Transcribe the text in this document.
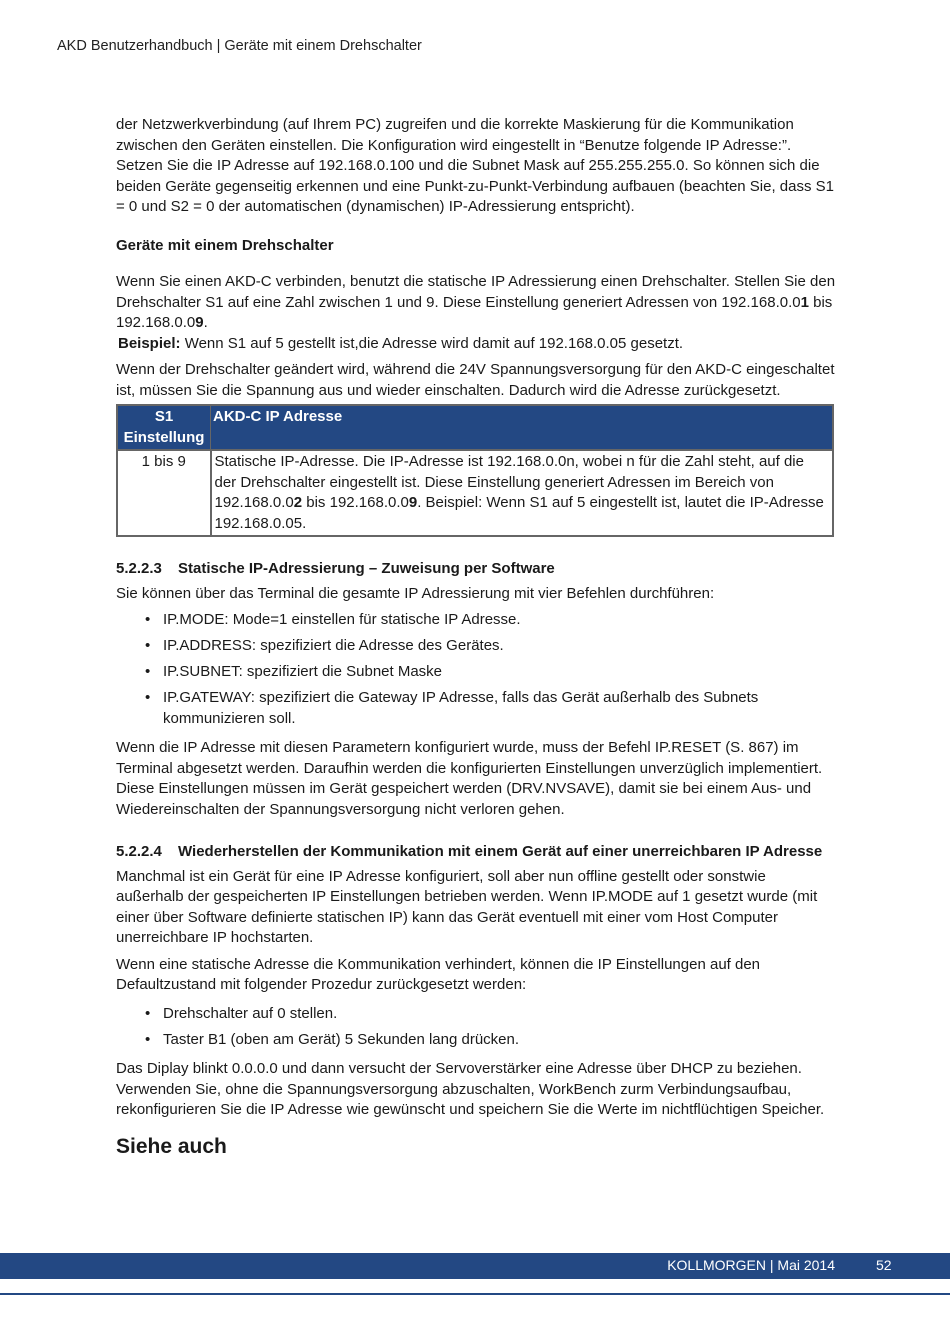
AKD Benutzerhandbuch | Geräte mit einem Drehschalter

der Netzwerkverbindung (auf Ihrem PC) zugreifen und die korrekte Maskierung für die Kommunikation zwischen den Geräten einstellen. Die Konfiguration wird eingestellt in “Benutze folgende IP Adresse:”. Setzen Sie die IP Adresse auf 192.168.0.100 und die Subnet Mask auf 255.255.255.0. So können sich die beiden Geräte gegenseitig erkennen und eine Punkt-zu-Punkt-Verbindung aufbauen (beachten Sie, dass S1 = 0 und S2 = 0 der automatischen (dynamischen) IP-Adressierung entspricht).

Geräte mit einem Drehschalter

Wenn Sie einen AKD-C verbinden, benutzt die statische IP Adressierung einen Drehschalter. Stellen Sie den Drehschalter S1 auf eine Zahl zwischen 1 und 9. Diese Einstellung generiert Adressen von 192.168.0.01 bis 192.168.0.09.

Beispiel: Wenn S1 auf 5 gestellt ist,die Adresse wird damit auf 192.168.0.05 gesetzt.

Wenn der Drehschalter geändert wird, während die 24V Spannungsversorgung für den AKD-C eingeschaltet ist, müssen Sie die Spannung aus und wieder einschalten. Dadurch wird die Adresse zurückgesetzt.

S1 Einstellung	AKD-C IP Adresse
1 bis 9	Statische IP-Adresse. Die IP-Adresse ist 192.168.0.0n, wobei n für die Zahl steht, auf die der Drehschalter eingestellt ist. Diese Einstellung generiert Adressen im Bereich von 192.168.0.02 bis 192.168.0.09. Beispiel: Wenn S1 auf 5 eingestellt ist, lautet die IP-Adresse 192.168.0.05.

5.2.2.3 Statische IP-Adressierung – Zuweisung per Software

Sie können über das Terminal die gesamte IP Adressierung mit vier Befehlen durchführen:

• IP.MODE: Mode=1 einstellen für statische IP Adresse.
• IP.ADDRESS: spezifiziert die Adresse des Gerätes.
• IP.SUBNET: spezifiziert die Subnet Maske
• IP.GATEWAY: spezifiziert die Gateway IP Adresse, falls das Gerät außerhalb des Subnets kommunizieren soll.

Wenn die IP Adresse mit diesen Parametern konfiguriert wurde, muss der Befehl IP.RESET (S. 867) im Terminal abgesetzt werden. Daraufhin werden die konfigurierten Einstellungen unverzüglich implementiert. Diese Einstellungen müssen im Gerät gespeichert werden (DRV.NVSAVE), damit sie bei einem Aus- und Wiedereinschalten der Spannungsversorgung nicht verloren gehen.

5.2.2.4 Wiederherstellen der Kommunikation mit einem Gerät auf einer unerreichbaren IP Adresse

Manchmal ist ein Gerät für eine IP Adresse konfiguriert, soll aber nun offline gestellt oder sonstwie außerhalb der gespeicherten IP Einstellungen betrieben werden. Wenn IP.MODE auf 1 gesetzt wurde (mit einer über Software definierte statischen IP) kann das Gerät eventuell mit einer vom Host Computer unerreichbare IP hochstarten.

Wenn eine statische Adresse die Kommunikation verhindert, können die IP Einstellungen auf den Defaultzustand mit folgender Prozedur zurückgesetzt werden:

• Drehschalter auf 0 stellen.
• Taster B1 (oben am Gerät) 5 Sekunden lang drücken.

Das Diplay blinkt 0.0.0.0 und dann versucht der Servoverstärker eine Adresse über DHCP zu beziehen. Verwenden Sie, ohne die Spannungsversorgung abzuschalten, WorkBench zurm Verbindungsaufbau, rekonfigurieren Sie die IP Adresse wie gewünscht und speichern Sie die Werte im nichtflüchtigen Speicher.

Siehe auch

KOLLMORGEN | Mai 2014	52
